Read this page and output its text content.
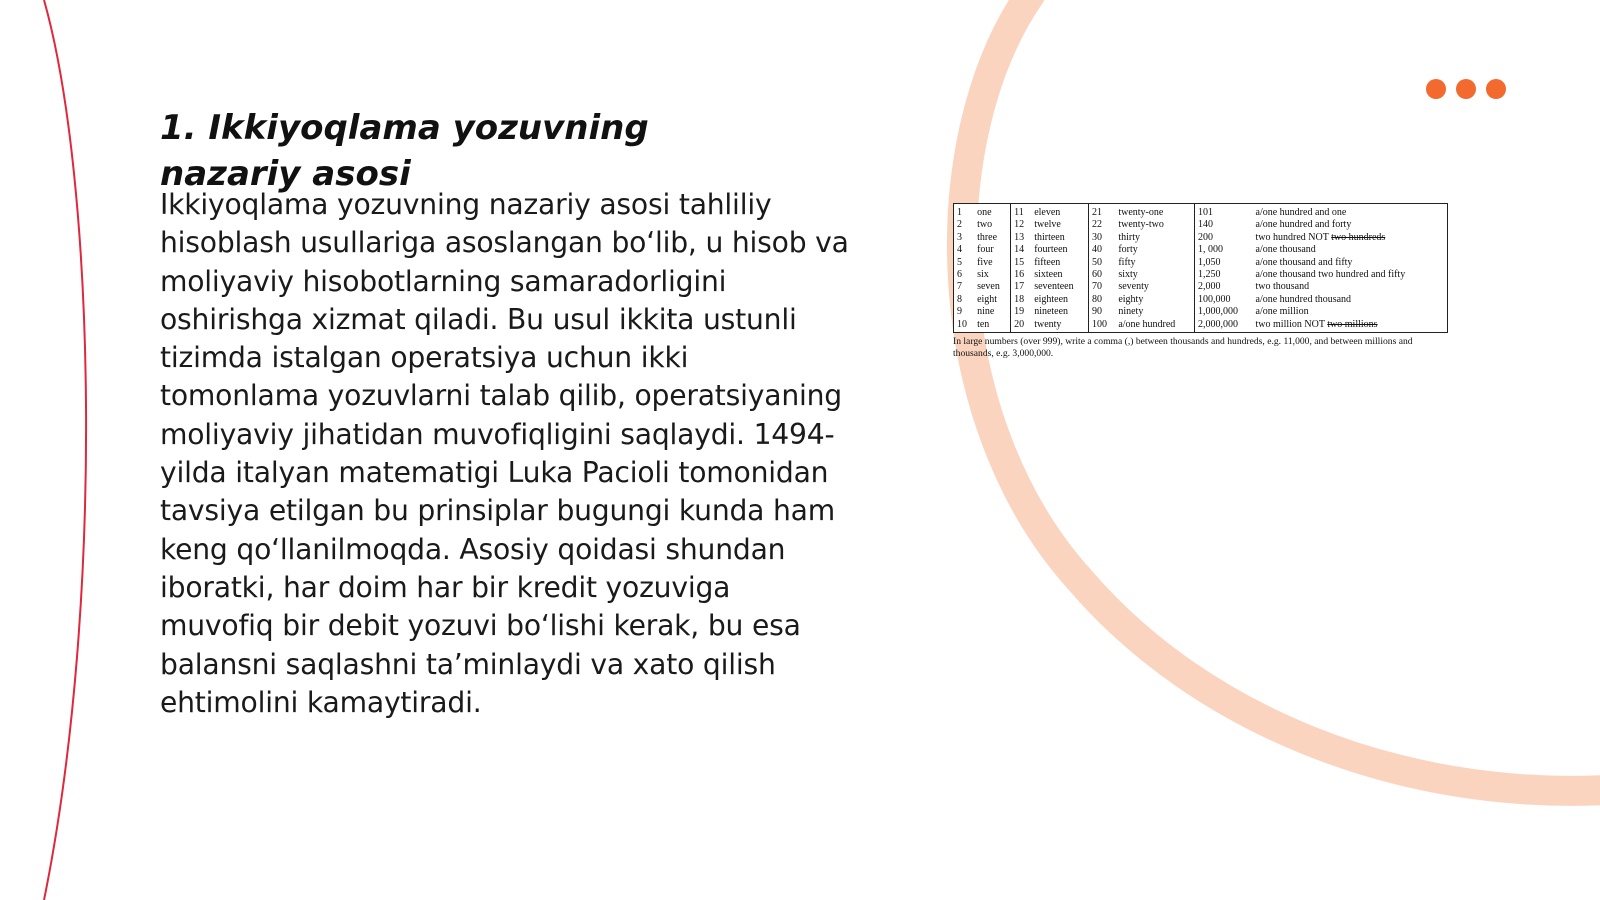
1. Ikkiyoqlama yozuvning nazariy asosi

Ikkiyoqlama yozuvning nazariy asosi tahliliy hisoblash usullariga asoslangan bo‘lib, u hisob va moliyaviy hisobotlarning samaradorligini oshirishga xizmat qiladi. Bu usul ikkita ustunli tizimda istalgan operatsiya uchun ikki tomonlama yozuvlarni talab qilib, operatsiyaning moliyaviy jihatidan muvofiqligini saqlaydi. 1494-yilda italyan matematigi Luka Pacioli tomonidan tavsiya etilgan bu prinsiplar bugungi kunda ham keng qo‘llanilmoqda. Asosiy qoidasi shundan iboratki, har doim har bir kredit yozuviga muvofiq bir debit yozuvi bo‘lishi kerak, bu esa balansni saqlashni ta’minlaydi va xato qilish ehtimolini kamaytiradi.

1	one	11	eleven	21	twenty-one	101	a/one hundred and one
2	two	12	twelve	22	twenty-two	140	a/one hundred and forty
3	three	13	thirteen	30	thirty	200	two hundred NOT two hundreds
4	four	14	fourteen	40	forty	1, 000	a/one thousand
5	five	15	fifteen	50	fifty	1,050	a/one thousand and fifty
6	six	16	sixteen	60	sixty	1,250	a/one thousand two hundred and fifty
7	seven	17	seventeen	70	seventy	2,000	two thousand
8	eight	18	eighteen	80	eighty	100,000	a/one hundred thousand
9	nine	19	nineteen	90	ninety	1,000,000	a/one million
10	ten	20	twenty	100	a/one hundred	2,000,000	two million NOT two millions
In large numbers (over 999), write a comma (,) between thousands and hundreds, e.g. 11,000, and between millions and thousands, e.g. 3,000,000.
